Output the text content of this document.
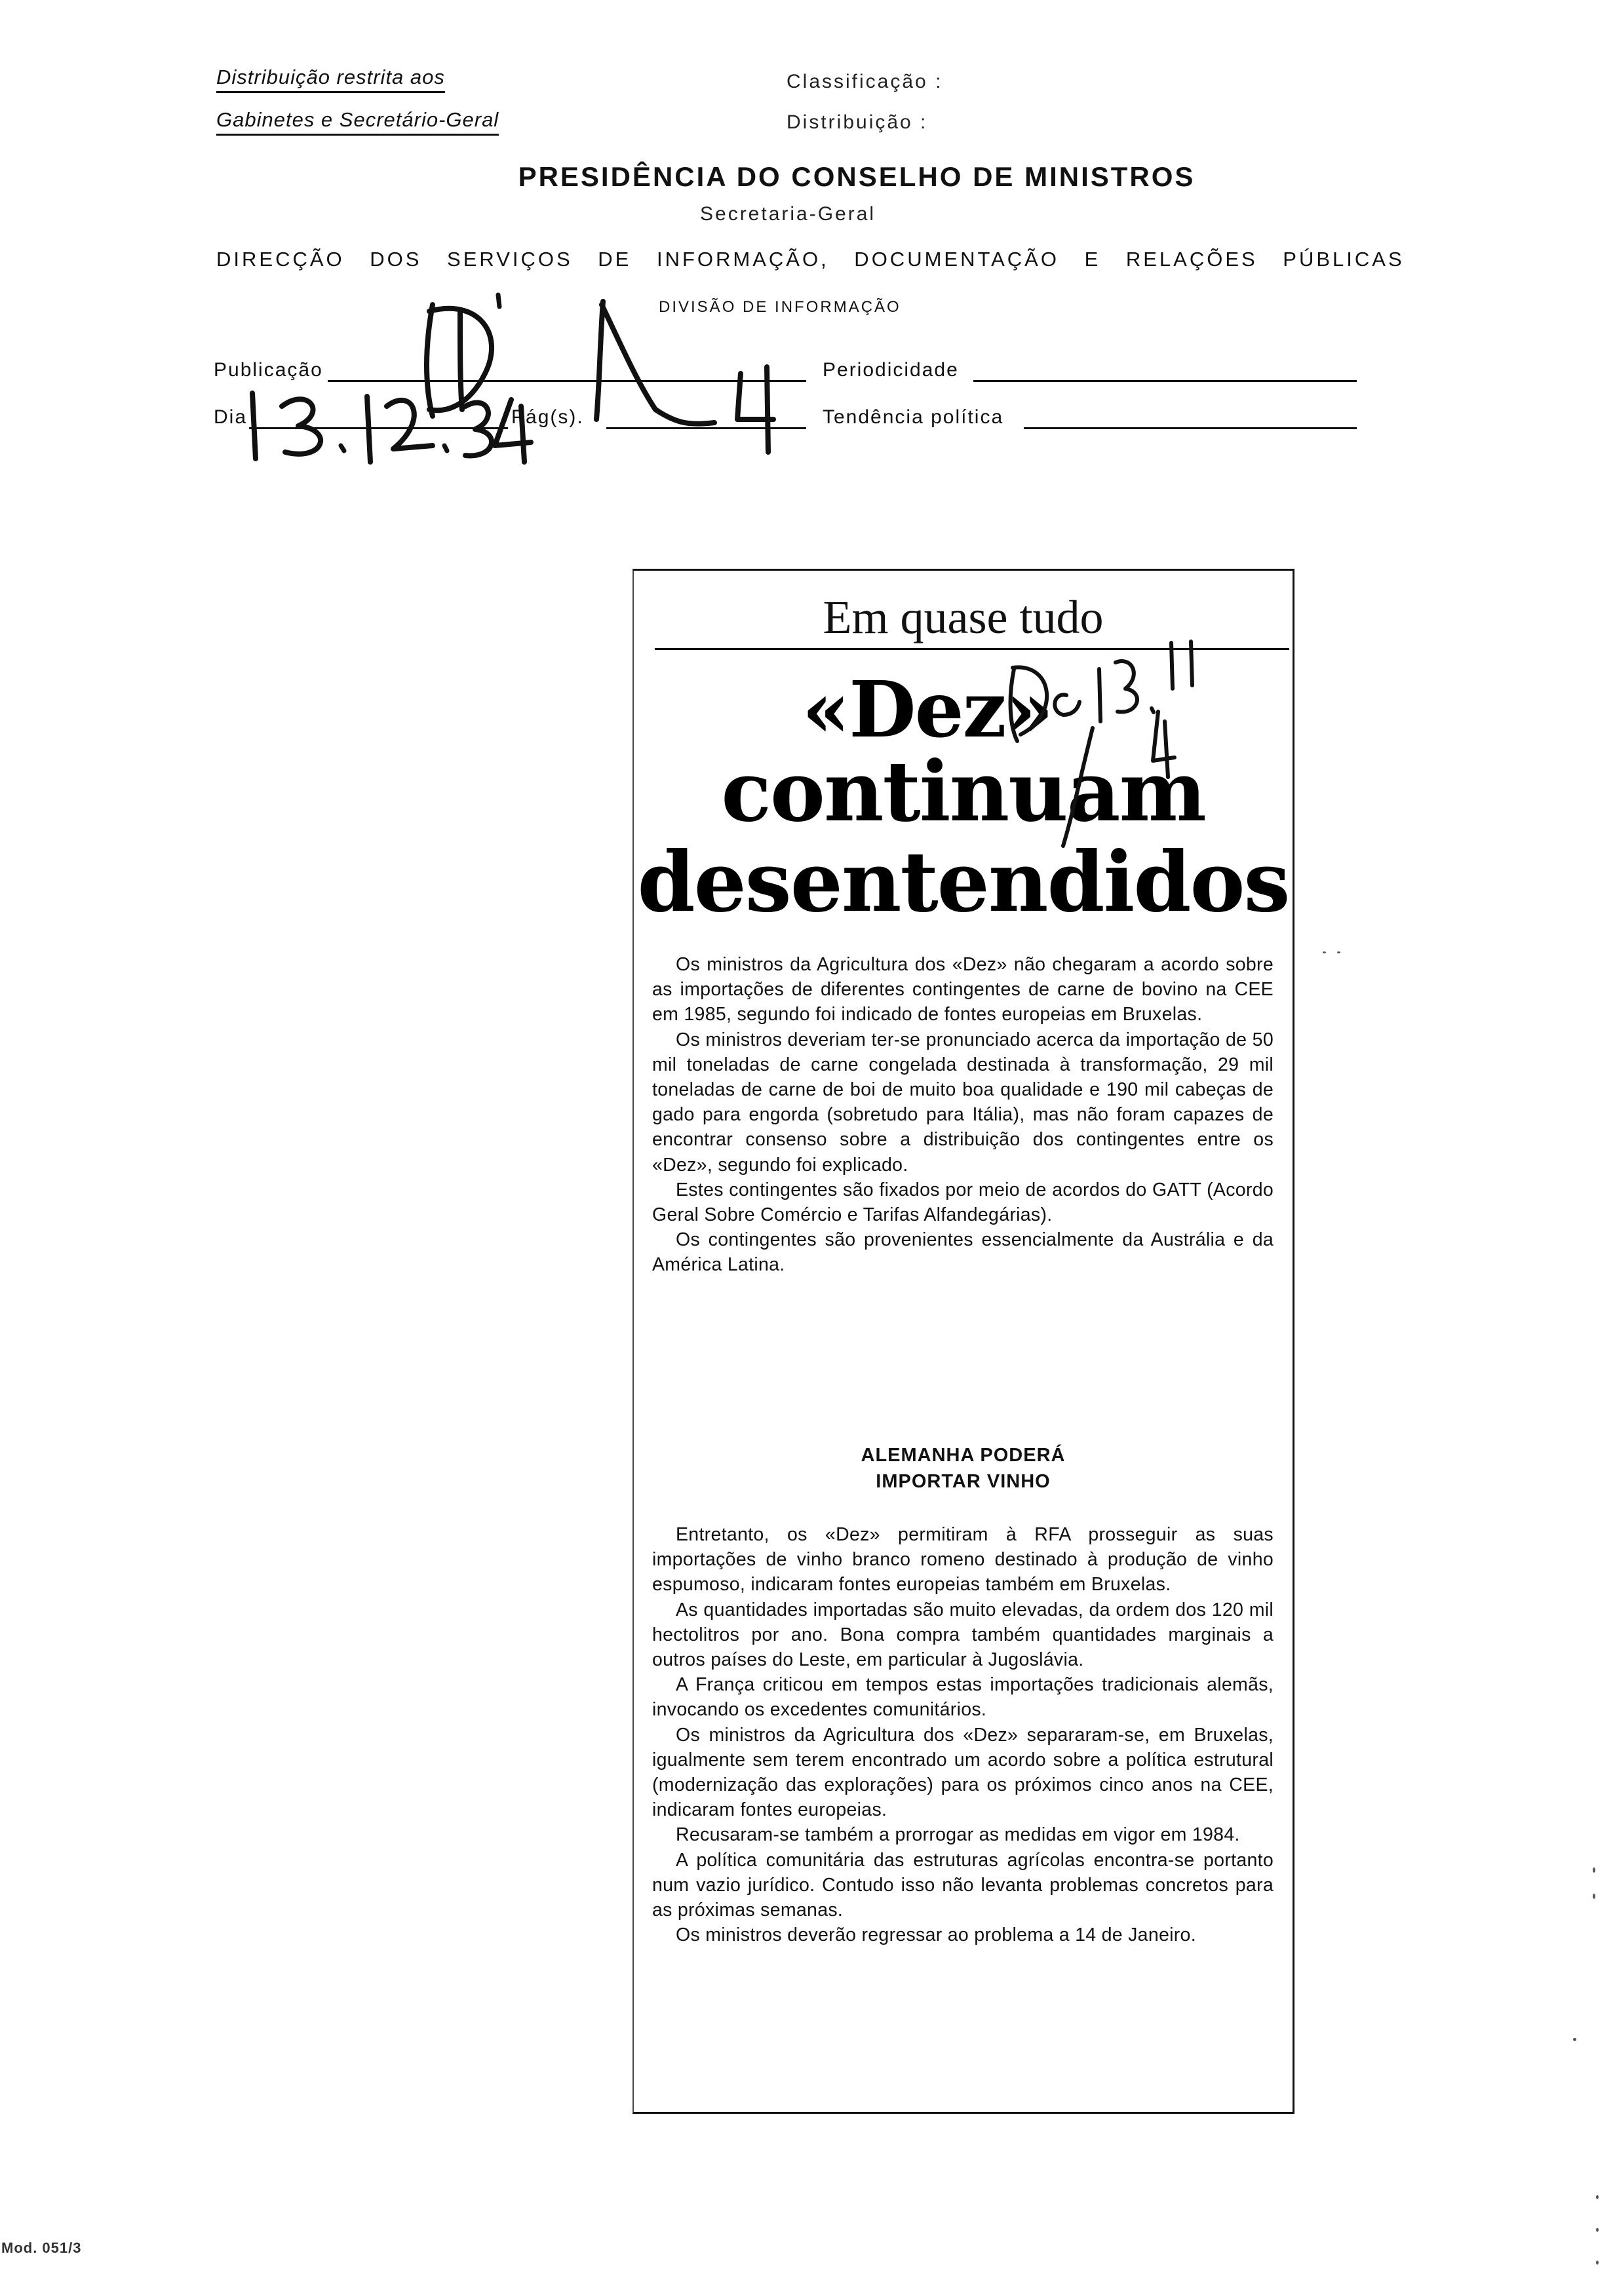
Distribuição restrita aos
Gabinetes e Secretário-Geral
Classificação :
Distribuição :
PRESIDÊNCIA DO CONSELHO DE MINISTROS
Secretaria-Geral
DIRECÇÃO DOS SERVIÇOS DE INFORMAÇÃO, DOCUMENTAÇÃO E RELAÇÕES PÚBLICAS
DIVISÃO DE INFORMAÇÃO
Publicação	Periodicidade
Dia	Pág(s).	Tendência política
Em quase tudo
«Dez»
continuam
desentendidos

Os ministros da Agricultura dos «Dez» não chegaram a acordo sobre as importações de diferentes contingentes de carne de bovino na CEE em 1985, segundo foi indicado de fontes europeias em Bruxelas.

Os ministros deveriam ter-se pronunciado acerca da importação de 50 mil toneladas de carne congelada destinada à transformação, 29 mil toneladas de carne de boi de muito boa qualidade e 190 mil cabeças de gado para engorda (sobretudo para Itália), mas não foram capazes de encontrar consenso sobre a distribuição dos contingentes entre os «Dez», segundo foi explicado.

Estes contingentes são fixados por meio de acordos do GATT (Acordo Geral Sobre Comércio e Tarifas Alfandegárias).

Os contingentes são provenientes essencialmente da Austrália e da América Latina.

ALEMANHA PODERÁ
IMPORTAR VINHO

Entretanto, os «Dez» permitiram à RFA prosseguir as suas importações de vinho branco romeno destinado à produção de vinho espumoso, indicaram fontes europeias também em Bruxelas.

As quantidades importadas são muito elevadas, da ordem dos 120 mil hectolitros por ano. Bona compra também quantidades marginais a outros países do Leste, em particular à Jugoslávia.

A França criticou em tempos estas importações tradicionais alemãs, invocando os excedentes comunitários.

Os ministros da Agricultura dos «Dez» separaram-se, em Bruxelas, igualmente sem terem encontrado um acordo sobre a política estrutural (modernização das explorações) para os próximos cinco anos na CEE, indicaram fontes europeias.

Recusaram-se também a prorrogar as medidas em vigor em 1984.

A política comunitária das estruturas agrícolas encontra-se portanto num vazio jurídico. Contudo isso não levanta problemas concretos para as próximas semanas.

Os ministros deverão regressar ao problema a 14 de Janeiro.

Mod. 051/3
